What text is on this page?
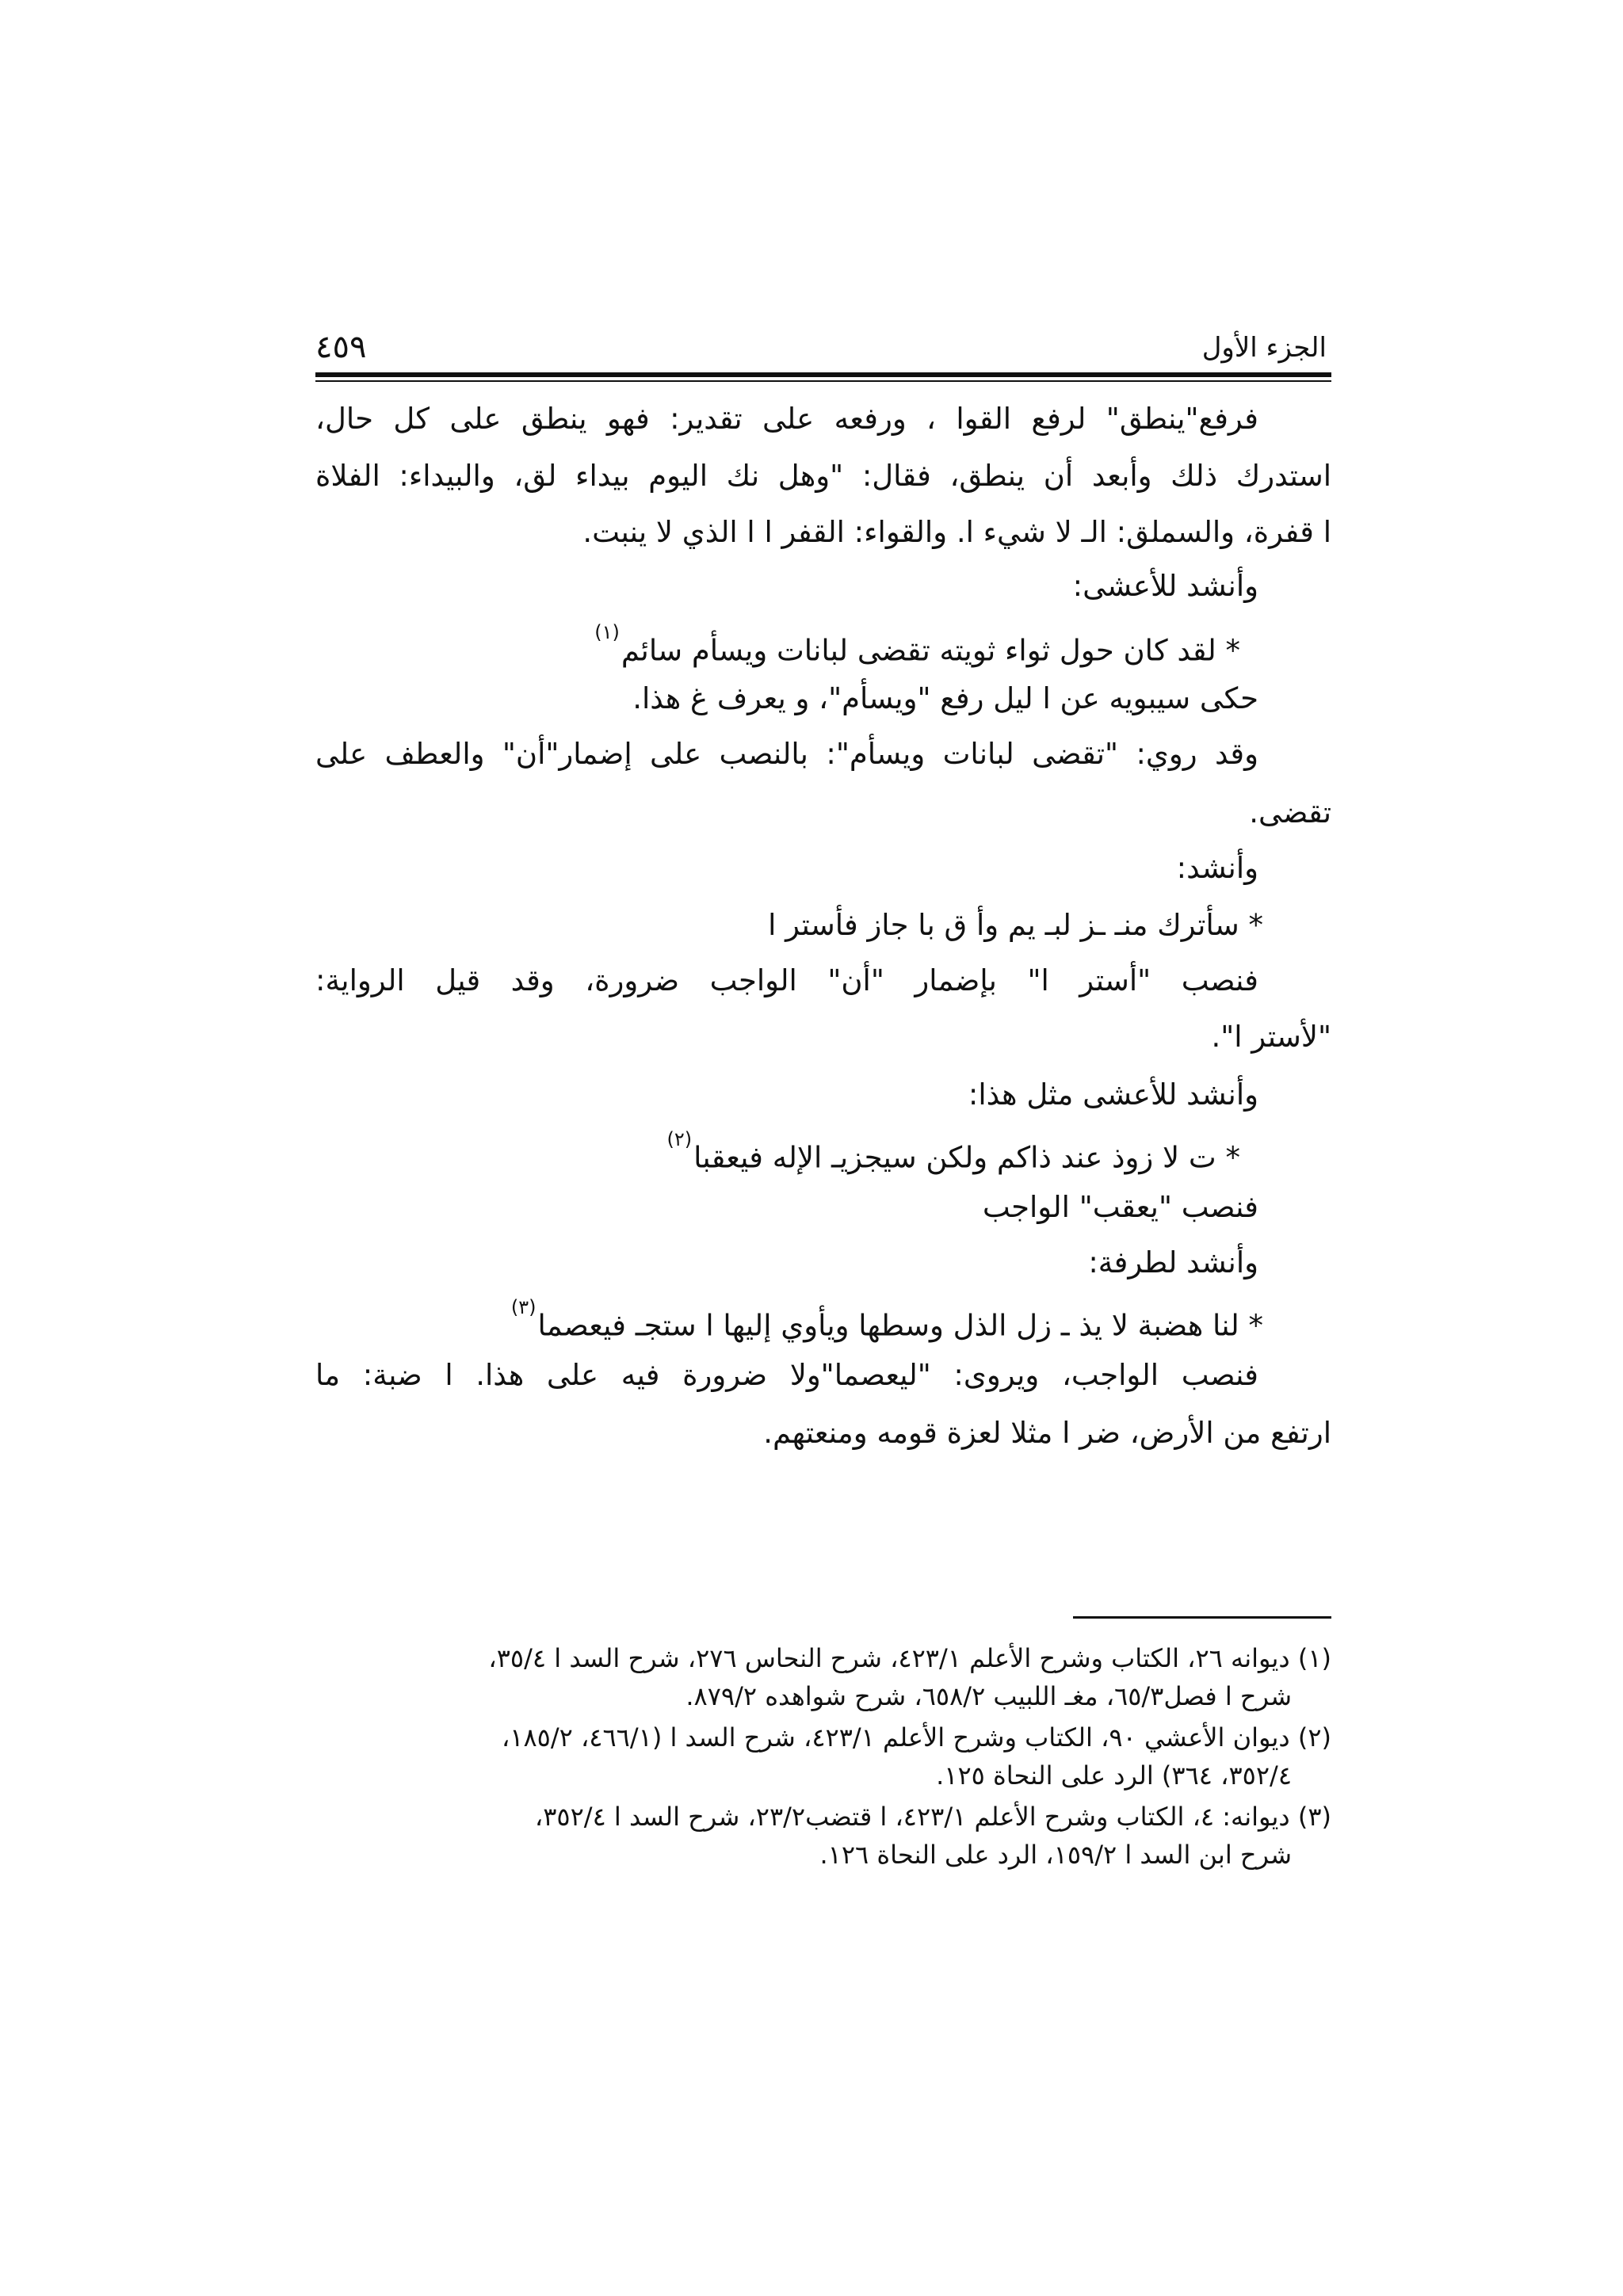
الجزء الأول
٤٥٩
فرفع"ينطق" لرفع القوا ، ورفعه على تقدير: فهو ينطق على كل حال،
استدرك ذلك وأبعد أن ينطق، فقال: "وهل نك اليوم بيداء لق، والبيداء: الفلاة
ا قفرة، والسملق: الـ لا شيء ا. والقواء: القفر ا ا الذي لا ينبت.
وأنشد للأعشى:
* لقد كان حول ثواء ثويته تقضى لبانات ويسأم سائم$^{(١)}$
حكى سيبويه عن ا ليل رفع "ويسأم"، و يعرف غ هذا.
وقد روي: "تقضى لبانات ويسأم": بالنصب على إضمار"أن" والعطف على
تقضى.
وأنشد:
* سأترك منـ ـز لبـ يم وأ ق با جاز فأستر ا
فنصب "أستر ا" بإضمار "أن" الواجب ضرورة، وقد قيل الرواية:
"لأستر ا".
وأنشد للأعشى مثل هذا:
* ت لا زوذ عند ذاكم ولكن سيجزيـ الإله فيعقبا$^{(٢)}$
فنصب "يعقب" الواجب
وأنشد لطرفة:
* لنا هضبة لا يذ ـ زل الذل وسطها ويأوي إليها ا ستجـ فيعصما$^{(٣)}$
فنصب الواجب، ويروى: "ليعصما"ولا ضرورة فيه على هذا. ا ضبة: ما
ارتفع من الأرض، ضر ا مثلا لعزة قومه ومنعتهم.
(١) ديوانه ٢٦، الكتاب وشرح الأعلم ٤٢٣/١، شرح النحاس ٢٧٦، شرح السد ا ٣٥/٤،
شرح ا فصل٦٥/٣، مغـ اللبيب ٦٥٨/٢، شرح شواهده ٨٧٩/٢.
(٢) ديوان الأعشي ٩٠، الكتاب وشرح الأعلم ٤٢٣/١، شرح السد ا (٤٦٦/١، ١٨٥/٢،
٣٥٢/٤، ٣٦٤) الرد على النحاة ١٢٥.
(٣) ديوانه: ٤، الكتاب وشرح الأعلم ٤٢٣/١، ا قتضب٢٣/٢، شرح السد ا ٣٥٢/٤،
شرح ابن السد ا ١٥٩/٢، الرد على النحاة ١٢٦.
